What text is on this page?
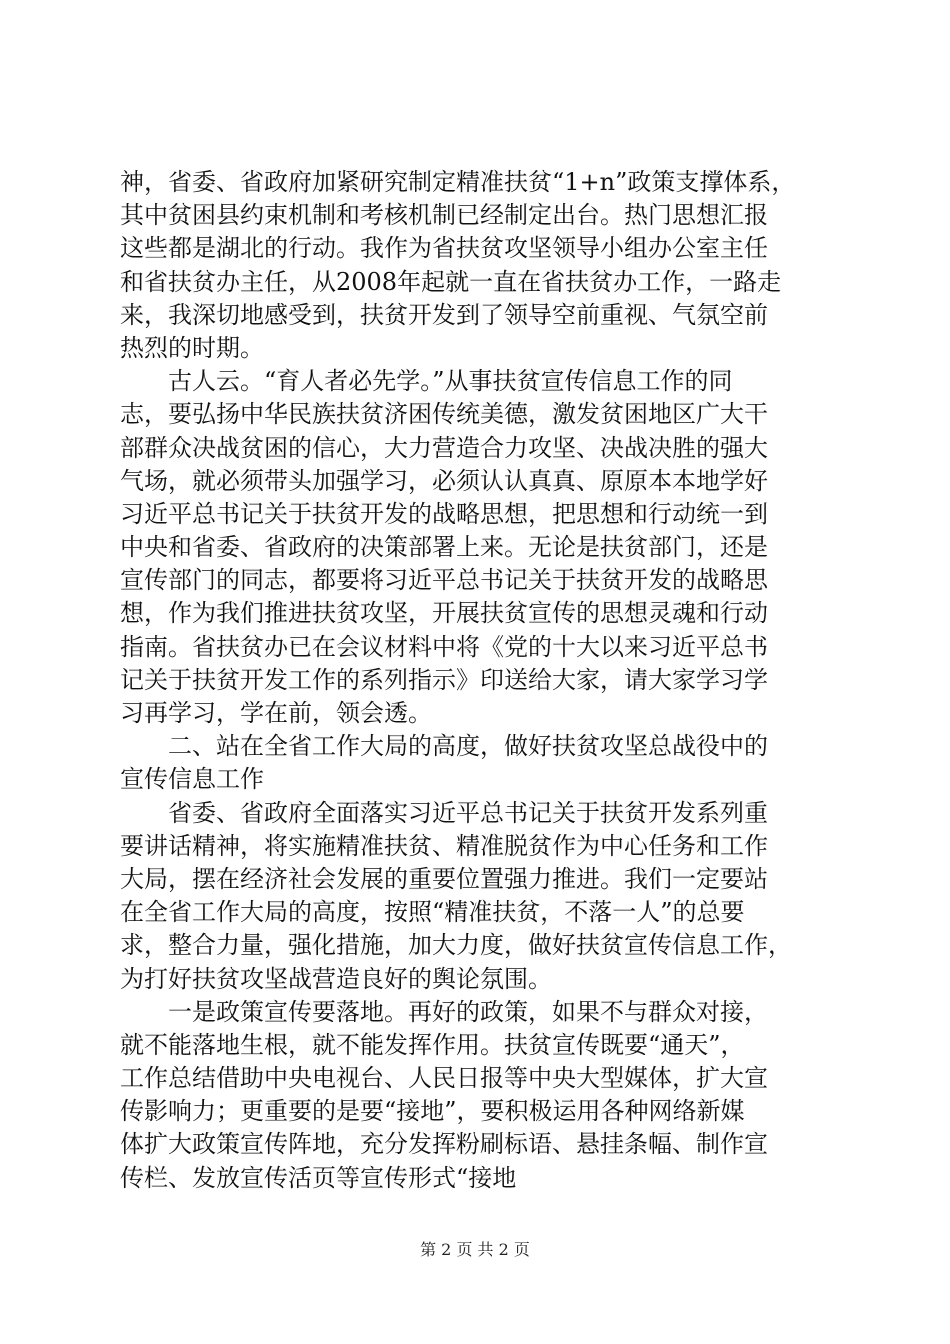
神，省委、省政府加紧研究制定精准扶贫“1+n”政策支撑体系，
其中贫困县约束机制和考核机制已经制定出台。热门思想汇报
这些都是湖北的行动。我作为省扶贫攻坚领导小组办公室主任
和省扶贫办主任，从2008年起就一直在省扶贫办工作，一路走
来，我深切地感受到，扶贫开发到了领导空前重视、气氛空前
热烈的时期。
　　古人云。“育人者必先学。”从事扶贫宣传信息工作的同
志，要弘扬中华民族扶贫济困传统美德，激发贫困地区广大干
部群众决战贫困的信心，大力营造合力攻坚、决战决胜的强大
气场，就必须带头加强学习，必须认认真真、原原本本地学好
习近平总书记关于扶贫开发的战略思想，把思想和行动统一到
中央和省委、省政府的决策部署上来。无论是扶贫部门，还是
宣传部门的同志，都要将习近平总书记关于扶贫开发的战略思
想，作为我们推进扶贫攻坚，开展扶贫宣传的思想灵魂和行动
指南。省扶贫办已在会议材料中将《党的十大以来习近平总书
记关于扶贫开发工作的系列指示》印送给大家，请大家学习学
习再学习，学在前，领会透。
　　二、站在全省工作大局的高度，做好扶贫攻坚总战役中的
宣传信息工作
　　省委、省政府全面落实习近平总书记关于扶贫开发系列重
要讲话精神，将实施精准扶贫、精准脱贫作为中心任务和工作
大局，摆在经济社会发展的重要位置强力推进。我们一定要站
在全省工作大局的高度，按照“精准扶贫，不落一人”的总要
求，整合力量，强化措施，加大力度，做好扶贫宣传信息工作，
为打好扶贫攻坚战营造良好的舆论氛围。
　　一是政策宣传要落地。再好的政策，如果不与群众对接，
就不能落地生根，就不能发挥作用。扶贫宣传既要“通天”，
工作总结借助中央电视台、人民日报等中央大型媒体，扩大宣
传影响力；更重要的是要“接地”，要积极运用各种网络新媒
体扩大政策宣传阵地，充分发挥粉刷标语、悬挂条幅、制作宣
传栏、发放宣传活页等宣传形式“接地
第 2 页 共 2 页
